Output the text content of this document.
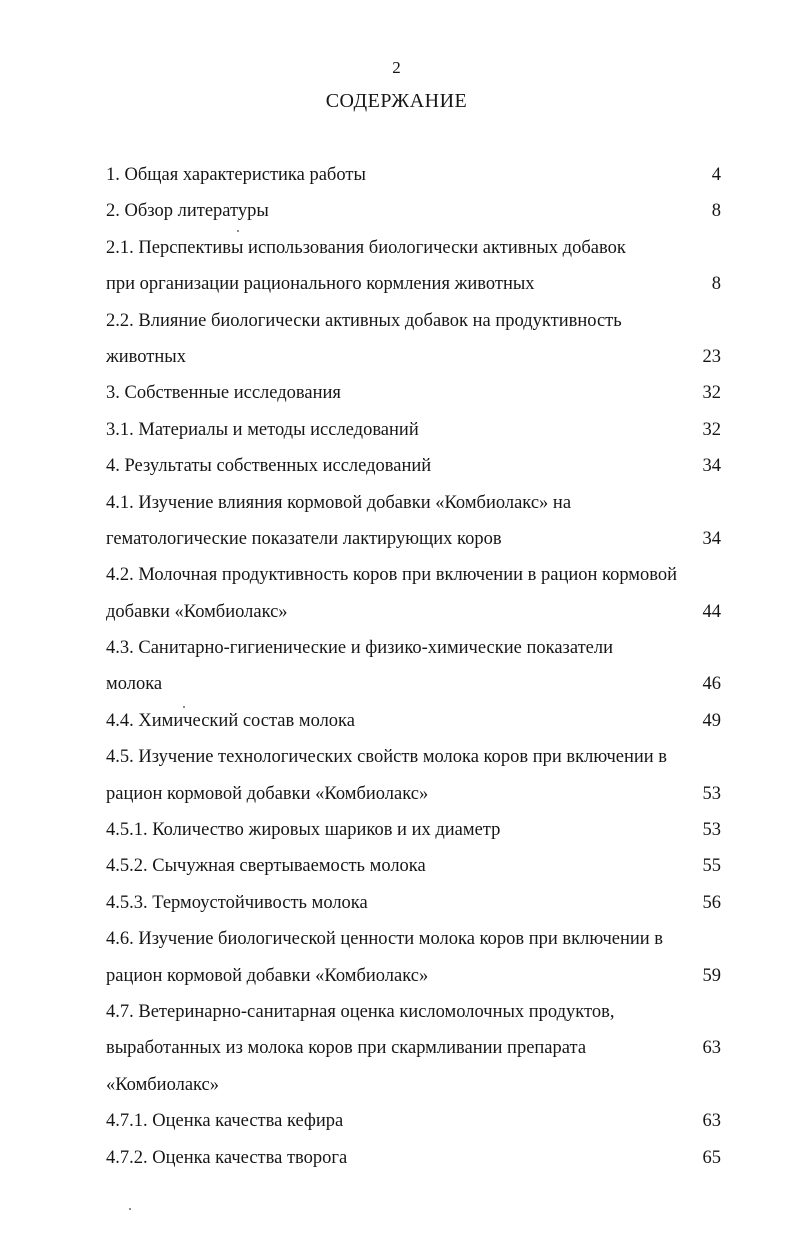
2
СОДЕРЖАНИЕ
1. Общая характеристика работы	4
2. Обзор литературы	8
2.1. Перспективы использования биологически активных добавок
при организации рационального кормления животных	8
2.2. Влияние биологически активных добавок на продуктивность
животных	23
3. Собственные исследования	32
3.1. Материалы и методы исследований	32
4. Результаты собственных исследований	34
4.1. Изучение влияния кормовой добавки «Комбиолакс» на
гематологические показатели лактирующих коров	34
4.2. Молочная продуктивность коров при включении в рацион кормовой
добавки «Комбиолакс»	44
4.3. Санитарно-гигиенические и физико-химические показатели
молока	46
4.4. Химический состав молока	49
4.5. Изучение технологических свойств молока коров при включении в
рацион кормовой добавки «Комбиолакс»	53
4.5.1. Количество жировых шариков и их диаметр	53
4.5.2. Сычужная свертываемость молока	55
4.5.3. Термоустойчивость молока	56
4.6. Изучение биологической ценности молока коров при включении в
рацион кормовой добавки «Комбиолакс»	59
4.7. Ветеринарно-санитарная оценка кисломолочных продуктов,
выработанных из молока коров при скармливании препарата	63
«Комбиолакс»
4.7.1. Оценка качества кефира	63
4.7.2. Оценка качества творога	65
